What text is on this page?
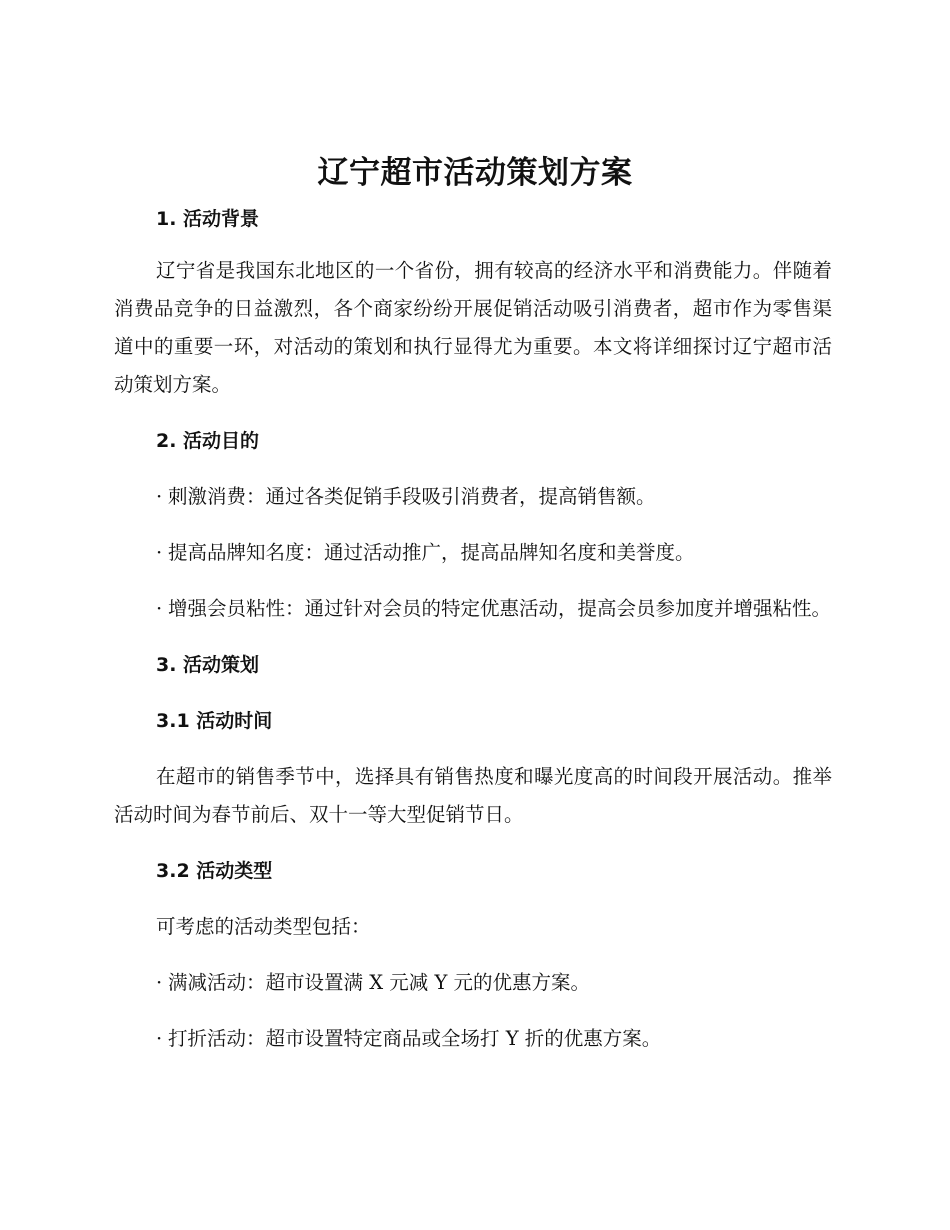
辽宁超市活动策划方案
1. 活动背景

辽宁省是我国东北地区的一个省份，拥有较高的经济水平和消费能力。伴随着消费品竞争的日益激烈，各个商家纷纷开展促销活动吸引消费者，超市作为零售渠道中的重要一环，对活动的策划和执行显得尤为重要。本文将详细探讨辽宁超市活动策划方案。

2. 活动目的

· 刺激消费：通过各类促销手段吸引消费者，提高销售额。

· 提高品牌知名度：通过活动推广，提高品牌知名度和美誉度。

· 增强会员粘性：通过针对会员的特定优惠活动，提高会员参加度并增强粘性。

3. 活动策划
3.1 活动时间

在超市的销售季节中，选择具有销售热度和曝光度高的时间段开展活动。推举活动时间为春节前后、双十一等大型促销节日。

3.2 活动类型

可考虑的活动类型包括：

· 满减活动：超市设置满 X 元减 Y 元的优惠方案。

· 打折活动：超市设置特定商品或全场打 Y 折的优惠方案。
